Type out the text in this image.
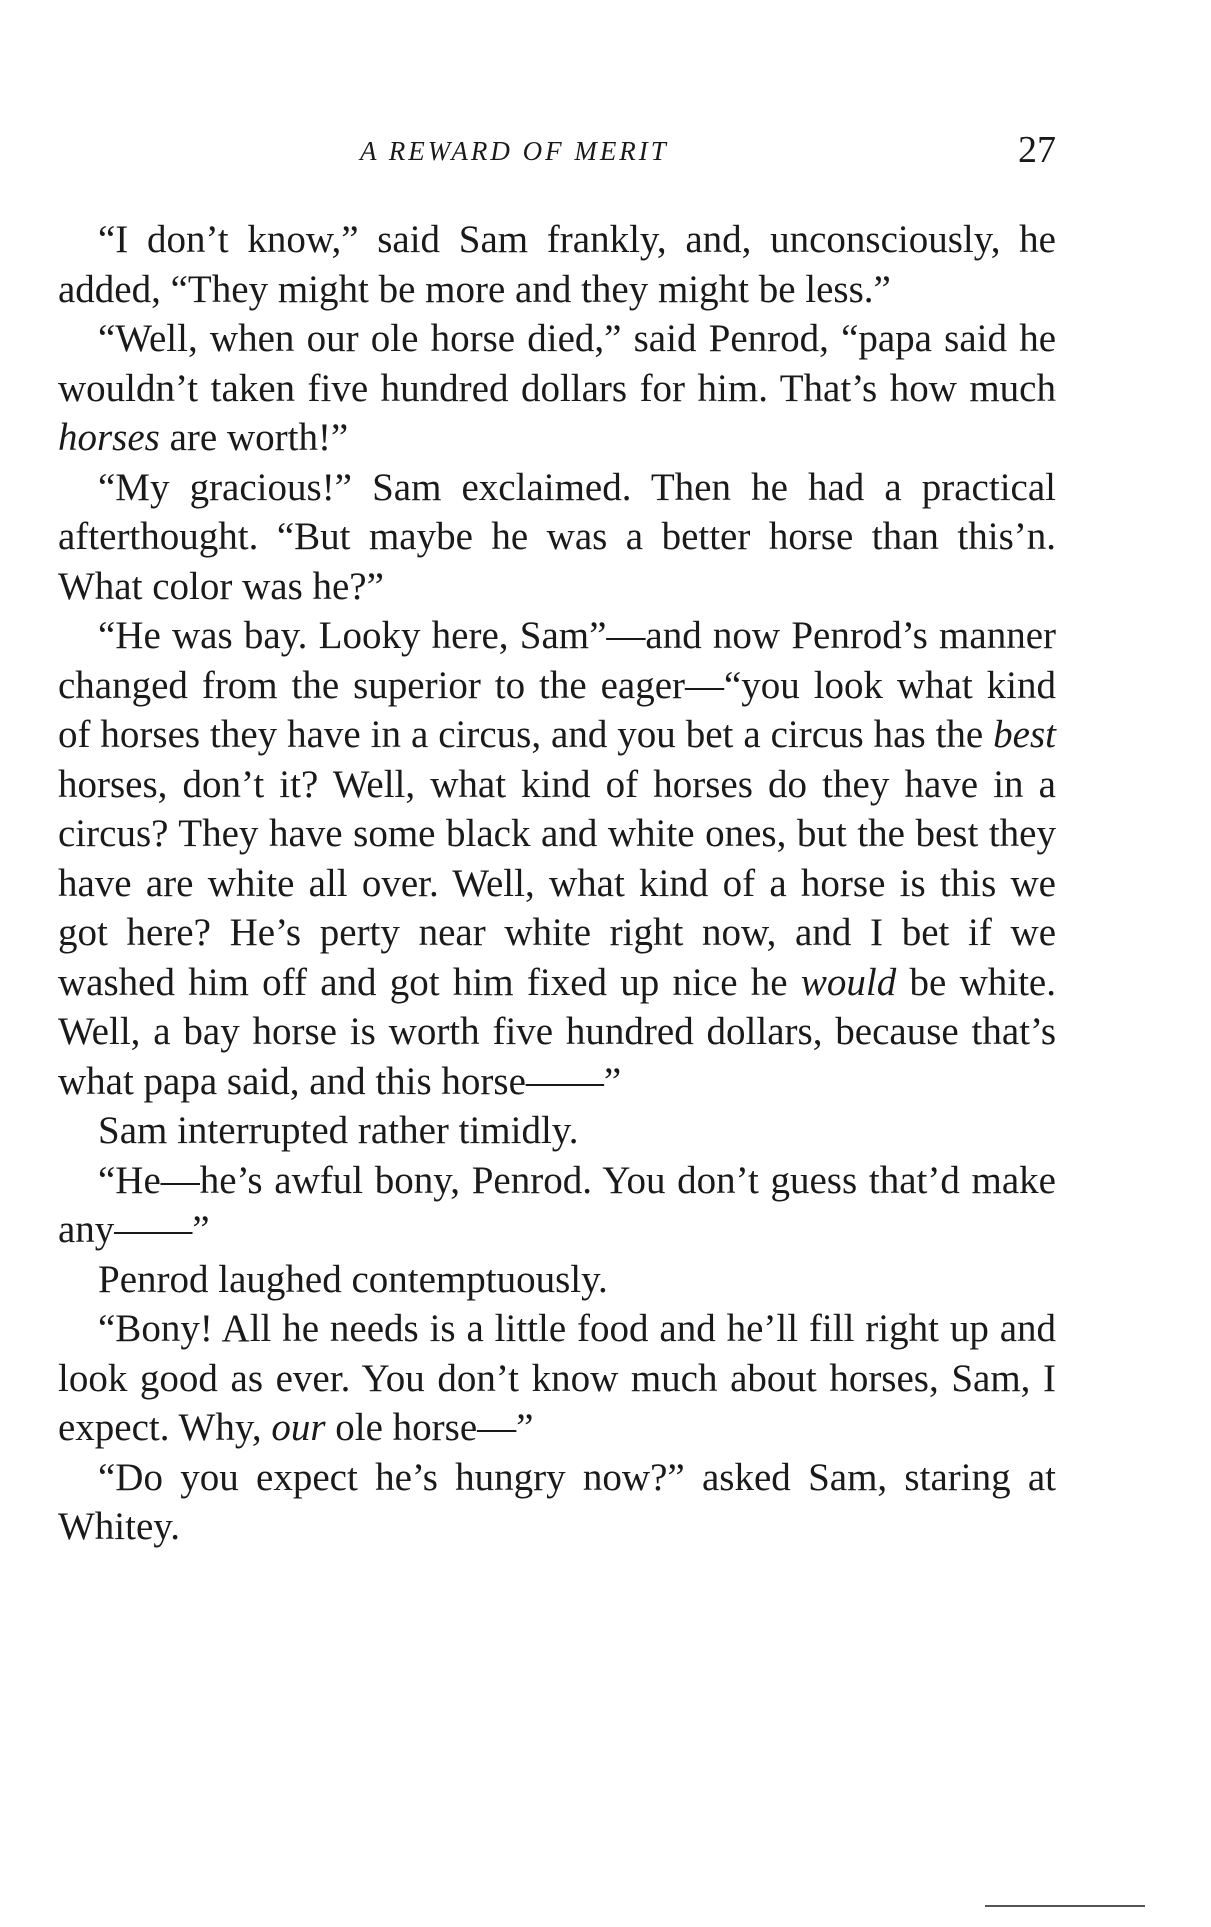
A REWARD OF MERIT	27

“I don’t know,” said Sam frankly, and, unconsciously, he added, “They might be more and they might be less.”

“Well, when our ole horse died,” said Penrod, “papa said he wouldn’t taken five hundred dollars for him. That’s how much horses are worth!”

“My gracious!” Sam exclaimed. Then he had a practical afterthought. “But maybe he was a better horse than this’n. What color was he?”

“He was bay. Looky here, Sam”—and now Penrod’s manner changed from the superior to the eager—“you look what kind of horses they have in a circus, and you bet a circus has the best horses, don’t it? Well, what kind of horses do they have in a circus? They have some black and white ones, but the best they have are white all over. Well, what kind of a horse is this we got here? He’s perty near white right now, and I bet if we washed him off and got him fixed up nice he would be white. Well, a bay horse is worth five hundred dollars, because that’s what papa said, and this horse——”

Sam interrupted rather timidly.

“He—he’s awful bony, Penrod. You don’t guess that’d make any——”

Penrod laughed contemptuously.

“Bony! All he needs is a little food and he’ll fill right up and look good as ever. You don’t know much about horses, Sam, I expect. Why, our ole horse—”

“Do you expect he’s hungry now?” asked Sam, staring at Whitey.
